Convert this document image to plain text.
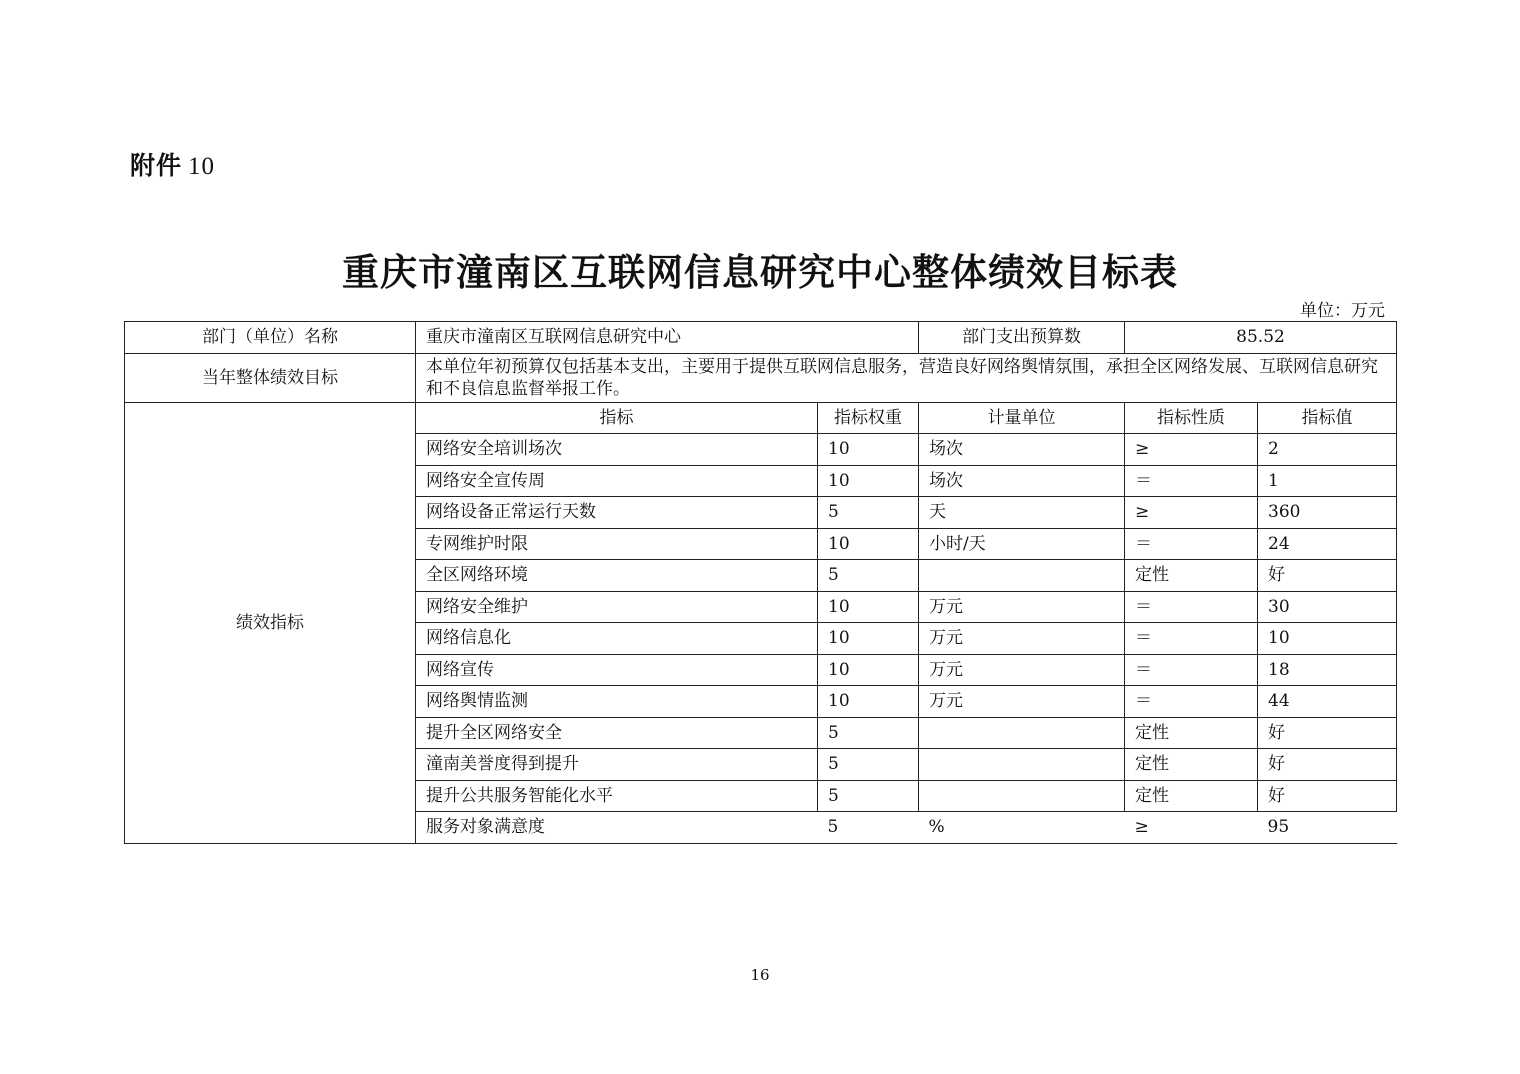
附件 10
重庆市潼南区互联网信息研究中心整体绩效目标表
单位：万元
部门（单位）名称	重庆市潼南区互联网信息研究中心		部门支出预算数	85.52	
当年整体绩效目标	本单位年初预算仅包括基本支出，主要用于提供互联网信息服务，营造良好网络舆情氛围，承担全区网络发展、互联网信息研究和不良信息监督举报工作。				
绩效指标	指标	指标权重	计量单位	指标性质	指标值
	网络安全培训场次	10	场次	≥	2
	网络安全宣传周	10	场次	＝	1
	网络设备正常运行天数	5	天	≥	360
	专网维护时限	10	小时/天	＝	24
	全区网络环境	5		定性	好
	网络安全维护	10	万元	＝	30
	网络信息化	10	万元	＝	10
	网络宣传	10	万元	＝	18
	网络舆情监测	10	万元	＝	44
	提升全区网络安全	5		定性	好
	潼南美誉度得到提升	5		定性	好
	提升公共服务智能化水平	5		定性	好
	服务对象满意度	5	%	≥	95
16
